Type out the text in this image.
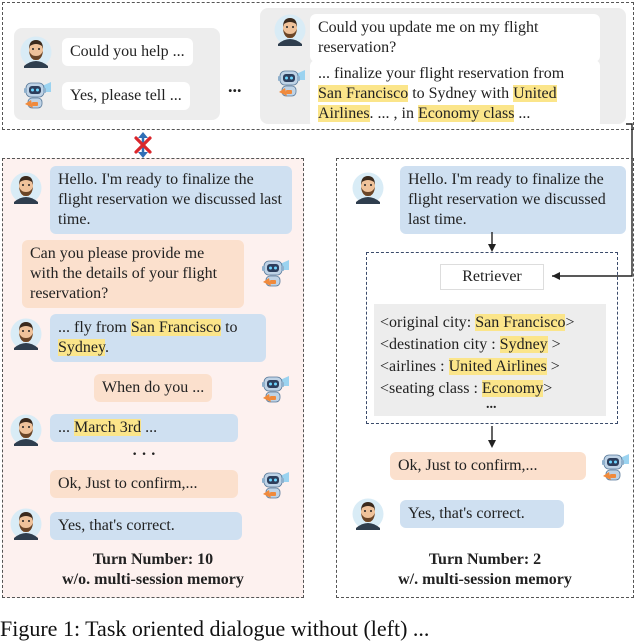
Could you help ...
Yes, please tell ...	...
Could you update me on my flight reservation?
... finalize your flight reservation from San Francisco to Sydney with United Airlines. ... , in Economy class ...
Hello. I'm ready to finalize the flight reservation we discussed last time.
Can you please provide me with the details of your flight reservation?
... fly from San Francisco to Sydney.
When do you ...
... March 3rd ...
· · ·
Ok, Just to confirm,...
Yes, that's correct.
Turn Number: 10
w/o. multi-session memory
Hello. I'm ready to finalize the flight reservation we discussed last time.
Retriever
<original city: San Francisco>
<destination city : Sydney >
<airlines : United Airlines >
<seating class : Economy>
...
Ok, Just to confirm,...
Yes, that's correct.
Turn Number: 2
w/. multi-session memory
Figure 1: Task oriented dialogue without (left) ...
